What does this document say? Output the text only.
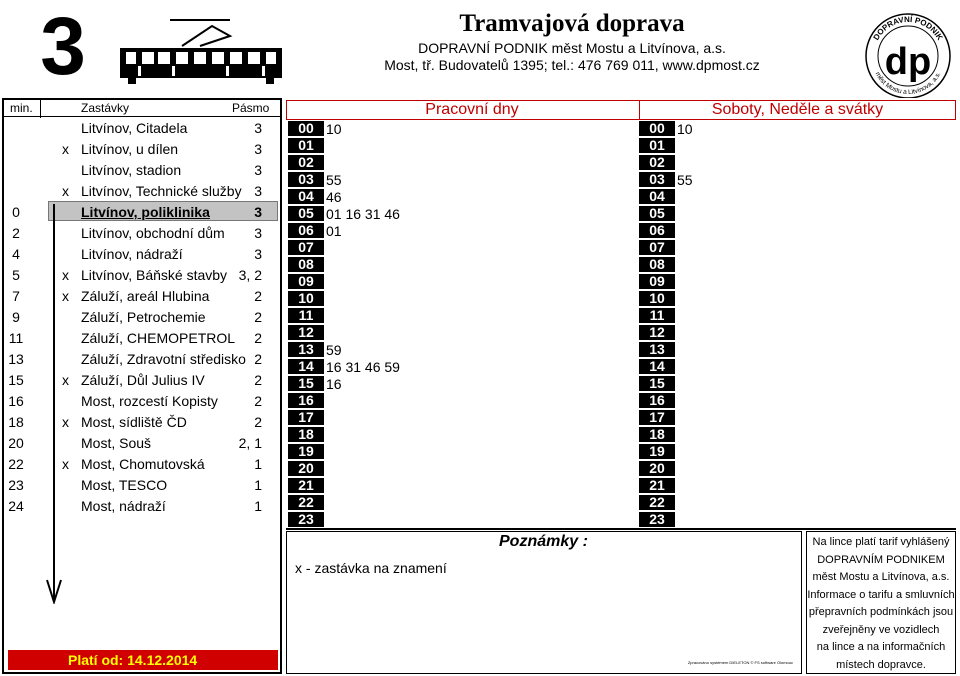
3	Tramvajová doprava
DOPRAVNÍ PODNIK měst Mostu a Litvínova, a.s.
Most, tř. Budovatelů 1395; tel.: 476 769 011, www.dpmost.cz
DOPRAVNÍ PODNIK
měst Mostu a Litvínova, a.s.
dp
min.	Zastávky	Pásmo
Litvínov, Citadela	3
x Litvínov, u dílen	3
Litvínov, stadion	3
x Litvínov, Technické služby 3
0	Litvínov, poliklinika	3
2	Litvínov, obchodní dům	3
4	Litvínov, nádraží	3
5	x Litvínov, Báňské stavby 3, 2
7	x Záluží, areál Hlubina	2
9	Záluží, Petrochemie	2
11	Záluží, CHEMOPETROL	2
13	Záluží, Zdravotní středisko 2
15	x Záluží, Důl Julius IV	2
16	Most, rozcestí Kopisty	2
18	x Most, sídliště ČD	2
20	Most, Souš	2, 1
22	x Most, Chomutovská	1
23	Most, TESCO	1
24	Most, nádraží	1
Platí od: 14.12.2014
Pracovní dny	Soboty, Neděle a svátky
00 10
01
02
03 55
04 46
05 01 16 31 46
06 01
07
08
09
10
11
12
13 59
14 16 31 46 59
15 16
16
17
18
19
20
21
22
23
00 10
01
02
03 55
04
05
06
07
08
09
10
11
12
13
14
15
16
17
18
19
20
21
22
23
Poznámky :
x - zastávka na znamení
Zpracováno systémem DIELETON © FS software Olomouc
Na lince platí tarif vyhlášený
DOPRAVNÍM PODNIKEM
měst Mostu a Litvínova, a.s.
Informace o tarifu a smluvních
přepravních podmínkách jsou
zveřejněny ve vozidlech
na lince a na informačních
místech dopravce.
